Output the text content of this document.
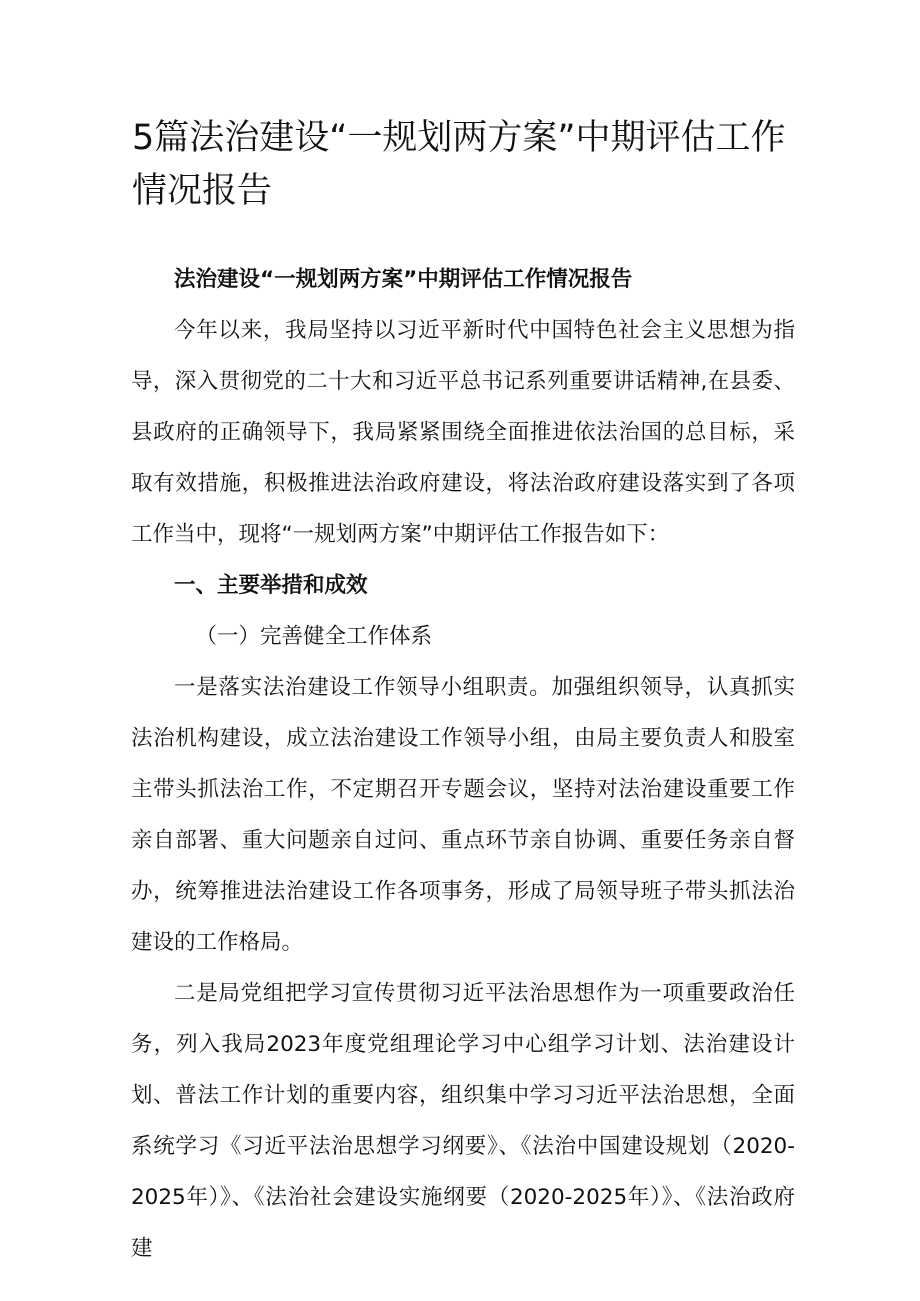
5篇法治建设“一规划两方案”中期评估工作情况报告

法治建设“一规划两方案”中期评估工作情况报告

今年以来，我局坚持以习近平新时代中国特色社会主义思想为指导，深入贯彻党的二十大和习近平总书记系列重要讲话精神,在县委、县政府的正确领导下，我局紧紧围绕全面推进依法治国的总目标，采取有效措施，积极推进法治政府建设，将法治政府建设落实到了各项工作当中，现将“一规划两方案”中期评估工作报告如下：

一、主要举措和成效

（一）完善健全工作体系

一是落实法治建设工作领导小组职责。加强组织领导，认真抓实法治机构建设，成立法治建设工作领导小组，由局主要负责人和股室主带头抓法治工作，不定期召开专题会议，坚持对法治建设重要工作亲自部署、重大问题亲自过问、重点环节亲自协调、重要任务亲自督办，统筹推进法治建设工作各项事务，形成了局领导班子带头抓法治建设的工作格局。

二是局党组把学习宣传贯彻习近平法治思想作为一项重要政治任务，列入我局2023年度党组理论学习中心组学习计划、法治建设计划、普法工作计划的重要内容，组织集中学习习近平法治思想，全面系统学习《习近平法治思想学习纲要》、《法治中国建设规划（2020-2025年）》、《法治社会建设实施纲要（2020-2025年）》、《法治政府建
